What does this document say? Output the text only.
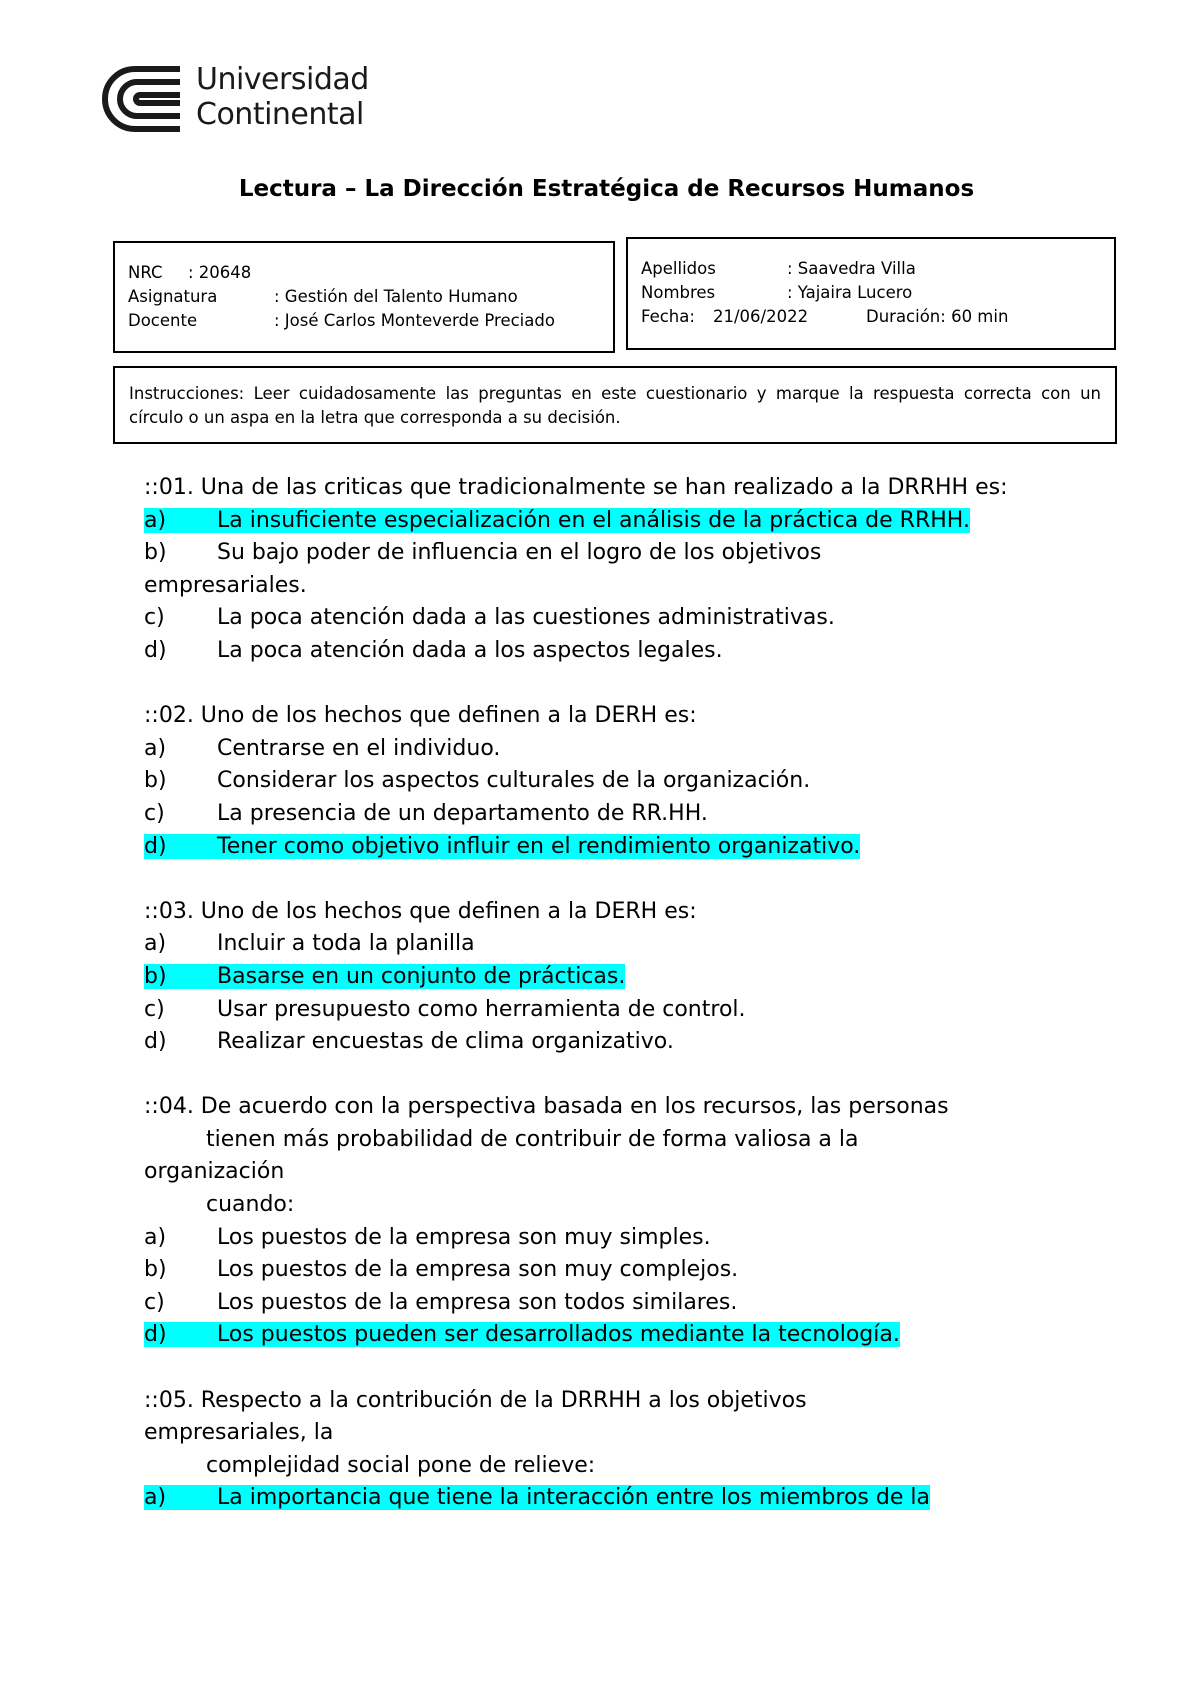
Universidad
Continental
Lectura – La Dirección Estratégica de Recursos Humanos
NRC : 20648
Asignatura	: Gestión del Talento Humano
Docente	: José Carlos Monteverde Preciado
Apellidos	: Saavedra Villa
Nombres	: Yajaira Lucero
Fecha: 21/06/2022	Duración: 60 min
Instrucciones: Leer cuidadosamente las preguntas en este cuestionario y marque la respuesta correcta con un círculo o un aspa en la letra que corresponda a su decisión.
::01. Una de las criticas que tradicionalmente se han realizado a la DRRHH es:
a) La insuficiente especialización en el análisis de la práctica de RRHH.
b) Su bajo poder de influencia en el logro de los objetivos
empresariales.
c) La poca atención dada a las cuestiones administrativas.
d) La poca atención dada a los aspectos legales.
::02. Uno de los hechos que definen a la DERH es:
a) Centrarse en el individuo.
b) Considerar los aspectos culturales de la organización.
c) La presencia de un departamento de RR.HH.
d) Tener como objetivo influir en el rendimiento organizativo.
::03. Uno de los hechos que definen a la DERH es:
a) Incluir a toda la planilla
b) Basarse en un conjunto de prácticas.
c) Usar presupuesto como herramienta de control.
d) Realizar encuestas de clima organizativo.
::04. De acuerdo con la perspectiva basada en los recursos, las personas
tienen más probabilidad de contribuir de forma valiosa a la
organización
cuando:
a) Los puestos de la empresa son muy simples.
b) Los puestos de la empresa son muy complejos.
c) Los puestos de la empresa son todos similares.
d) Los puestos pueden ser desarrollados mediante la tecnología.
::05. Respecto a la contribución de la DRRHH a los objetivos
empresariales, la
complejidad social pone de relieve:
a) La importancia que tiene la interacción entre los miembros de la
